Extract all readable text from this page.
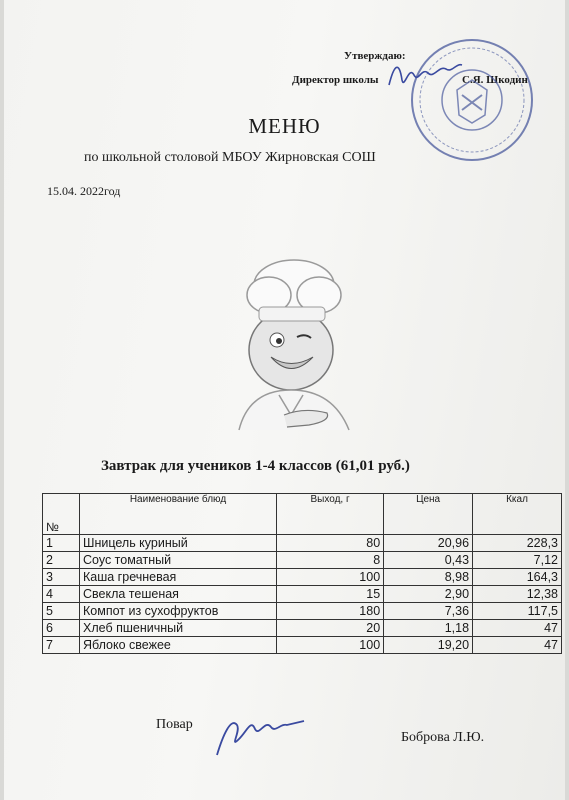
Утверждаю:
Директор школы	С.Я. Шкодин
МЕНЮ
по школьной столовой МБОУ Жирновская СОШ
15.04. 2022год
Завтрак для учеников 1-4 классов (61,01 руб.)
№	Наименование блюд	Выход, г	Цена	Ккал
1	Шницель куриный	80	20,96	228,3
2	Соус томатный	8	0,43	7,12
3	Каша гречневая	100	8,98	164,3
4	Свекла тешеная	15	2,90	12,38
5	Компот из сухофруктов	180	7,36	117,5
6	Хлеб пшеничный	20	1,18	47
7	Яблоко свежее	100	19,20	47
Повар
Боброва Л.Ю.
